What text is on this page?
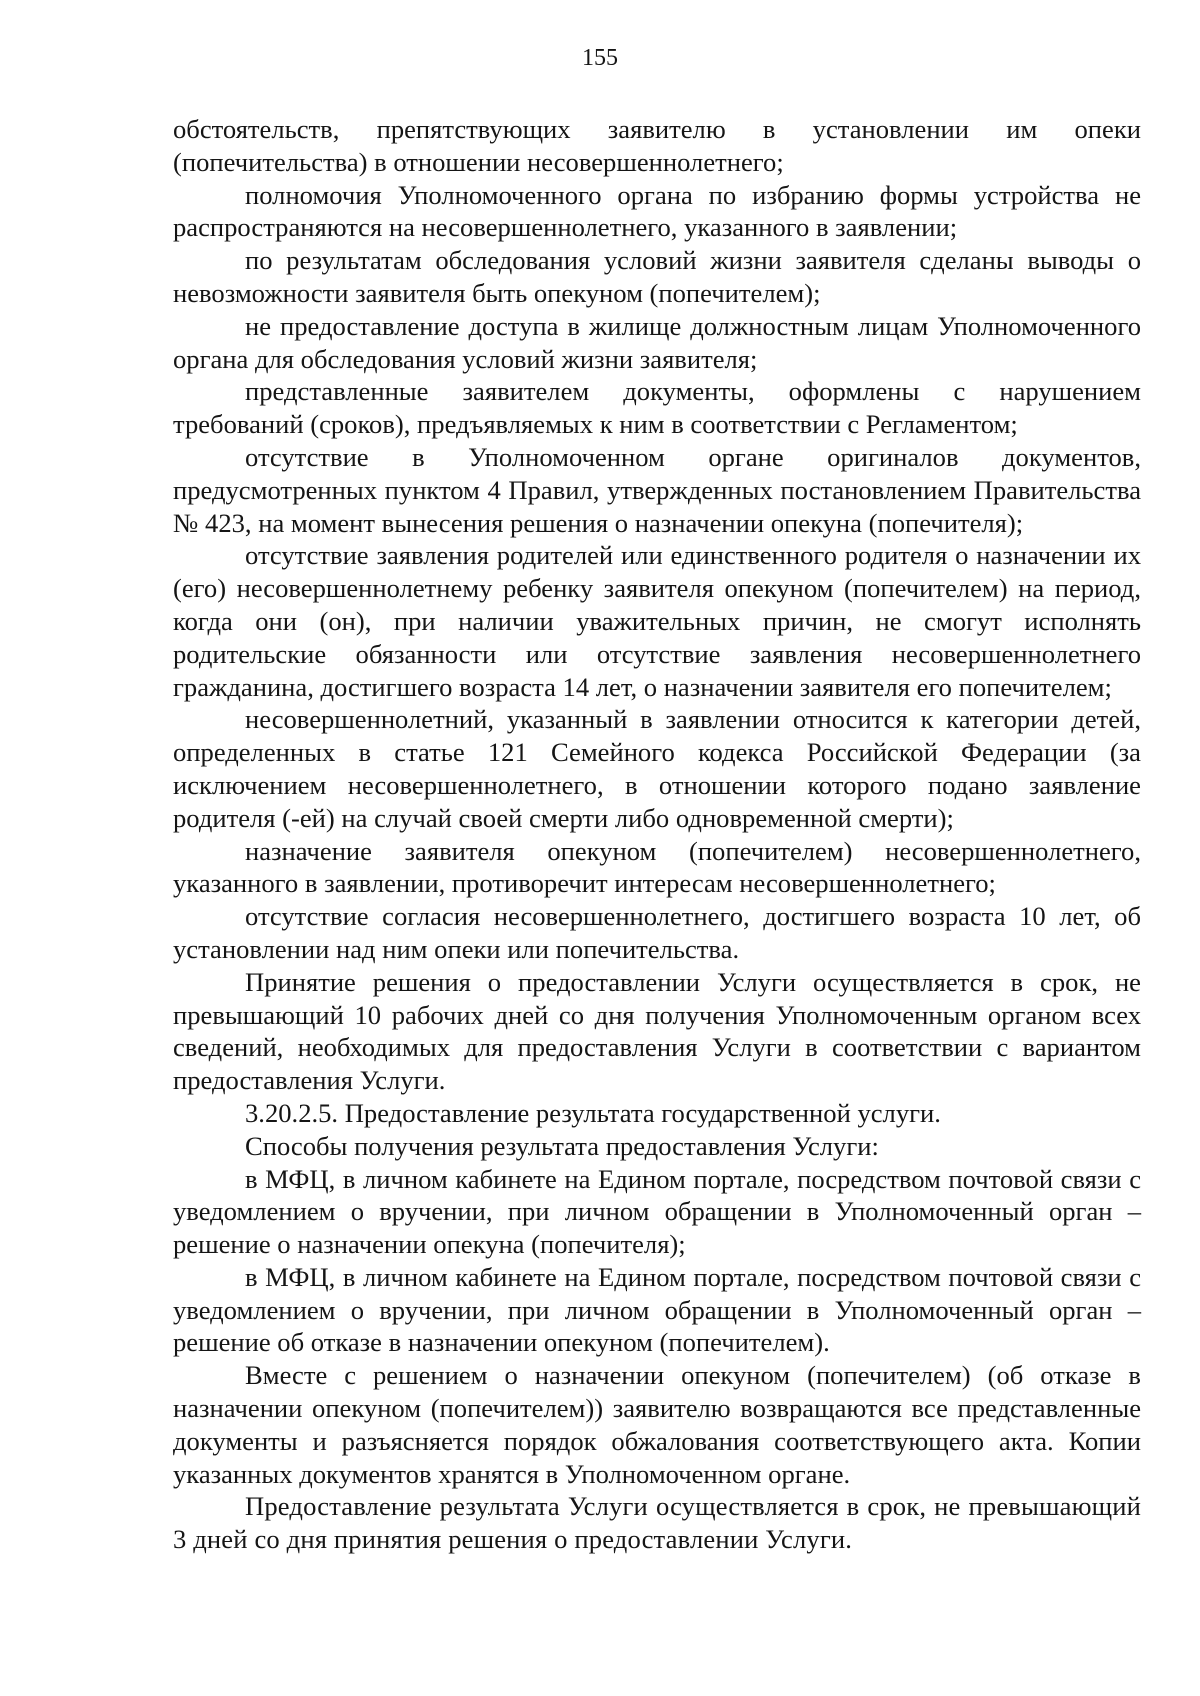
155

обстоятельств, препятствующих заявителю в установлении им опеки (попечительства) в отношении несовершеннолетнего;

полномочия Уполномоченного органа по избранию формы устройства не распространяются на несовершеннолетнего, указанного в заявлении;

по результатам обследования условий жизни заявителя сделаны выводы о невозможности заявителя быть опекуном (попечителем);

не предоставление доступа в жилище должностным лицам Уполномоченного органа для обследования условий жизни заявителя;

представленные заявителем документы, оформлены с нарушением требований (сроков), предъявляемых к ним в соответствии с Регламентом;

отсутствие в Уполномоченном органе оригиналов документов, предусмотренных пунктом 4 Правил, утвержденных постановлением Правительства № 423, на момент вынесения решения о назначении опекуна (попечителя);

отсутствие заявления родителей или единственного родителя о назначении их (его) несовершеннолетнему ребенку заявителя опекуном (попечителем) на период, когда они (он), при наличии уважительных причин, не смогут исполнять родительские обязанности или отсутствие заявления несовершеннолетнего гражданина, достигшего возраста 14 лет, о назначении заявителя его попечителем;

несовершеннолетний, указанный в заявлении относится к категории детей, определенных в статье 121 Семейного кодекса Российской Федерации (за исключением несовершеннолетнего, в отношении которого подано заявление родителя (-ей) на случай своей смерти либо одновременной смерти);

назначение заявителя опекуном (попечителем) несовершеннолетнего, указанного в заявлении, противоречит интересам несовершеннолетнего;

отсутствие согласия несовершеннолетнего, достигшего возраста 10 лет, об установлении над ним опеки или попечительства.

Принятие решения о предоставлении Услуги осуществляется в срок, не превышающий 10 рабочих дней со дня получения Уполномоченным органом всех сведений, необходимых для предоставления Услуги в соответствии с вариантом предоставления Услуги.

3.20.2.5. Предоставление результата государственной услуги.

Способы получения результата предоставления Услуги:

в МФЦ, в личном кабинете на Едином портале, посредством почтовой связи с уведомлением о вручении, при личном обращении в Уполномоченный орган – решение о назначении опекуна (попечителя);

в МФЦ, в личном кабинете на Едином портале, посредством почтовой связи с уведомлением о вручении, при личном обращении в Уполномоченный орган – решение об отказе в назначении опекуном (попечителем).

Вместе с решением о назначении опекуном (попечителем) (об отказе в назначении опекуном (попечителем)) заявителю возвращаются все представленные документы и разъясняется порядок обжалования соответствующего акта. Копии указанных документов хранятся в Уполномоченном органе.

Предоставление результата Услуги осуществляется в срок, не превышающий 3 дней со дня принятия решения о предоставлении Услуги.
